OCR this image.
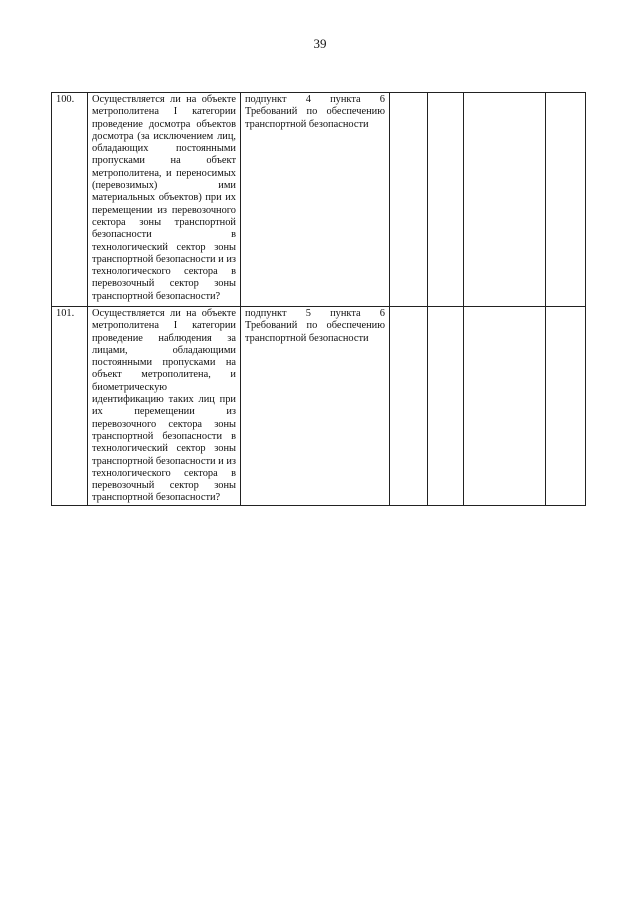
39
100.	Осуществляется ли на объекте метрополитена I категории проведение досмотра объектов досмотра (за исключением лиц, обладающих постоянными пропусками на объект метрополитена, и переносимых (перевозимых) ими материальных объектов) при их перемещении из перевозочного сектора зоны транспортной безопасности в технологический сектор зоны транспортной безопасности и из технологического сектора в перевозочный сектор зоны транспортной безопасности?	подпункт 4 пункта 6 Требований по обеспечению транспортной безопасности				
101.	Осуществляется ли на объекте метрополитена I категории проведение наблюдения за лицами, обладающими постоянными пропусками на объект метрополитена, и биометрическую идентификацию таких лиц при их перемещении из перевозочного сектора зоны транспортной безопасности в технологический сектор зоны транспортной безопасности и из технологического сектора в перевозочный сектор зоны транспортной безопасности?	подпункт 5 пункта 6 Требований по обеспечению транспортной безопасности				
